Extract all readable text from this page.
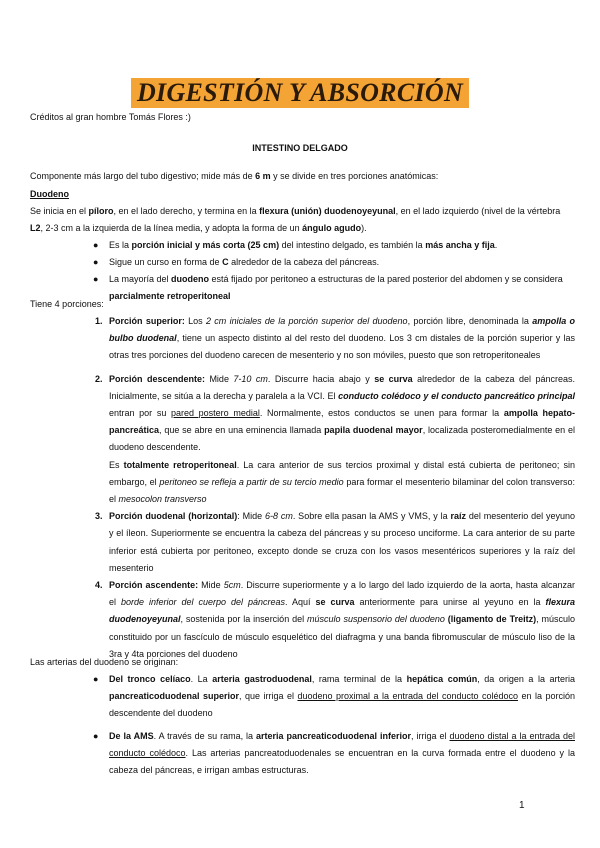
DIGESTIÓN Y ABSORCIÓN
Créditos al gran hombre Tomás Flores :)
INTESTINO DELGADO
Componente más largo del tubo digestivo; mide más de 6 m y se divide en tres porciones anatómicas:
Duodeno
Se inicia en el píloro, en el lado derecho, y termina en la flexura (unión) duodenoyeyunal, en el lado izquierdo (nivel de la vértebra L2, 2-3 cm a la izquierda de la línea media, y adopta la forma de un ángulo agudo).
● Es la porción inicial y más corta (25 cm) del intestino delgado, es también la más ancha y fija.
● Sigue un curso en forma de C alrededor de la cabeza del páncreas.
● La mayoría del duodeno está fijado por peritoneo a estructuras de la pared posterior del abdomen y se considera parcialmente retroperitoneal
Tiene 4 porciones:
1. Porción superior: Los 2 cm iniciales de la porción superior del duodeno, porción libre, denominada la ampolla o bulbo duodenal, tiene un aspecto distinto al del resto del duodeno. Los 3 cm distales de la porción superior y las otras tres porciones del duodeno carecen de mesenterio y no son móviles, puesto que son retroperitoneales
2. Porción descendente: Mide 7-10 cm. Discurre hacia abajo y se curva alrededor de la cabeza del páncreas. Inicialmente, se sitúa a la derecha y paralela a la VCI. El conducto colédoco y el conducto pancreático principal entran por su pared postero medial. Normalmente, estos conductos se unen para formar la ampolla hepato-pancreática, que se abre en una eminencia llamada papila duodenal mayor, localizada posteromedialmente en el duodeno descendente.
Es totalmente retroperitoneal. La cara anterior de sus tercios proximal y distal está cubierta de peritoneo; sin embargo, el peritoneo se refleja a partir de su tercio medio para formar el mesenterio bilaminar del colon transverso: el mesocolon transverso
3. Porción duodenal (horizontal): Mide 6-8 cm. Sobre ella pasan la AMS y VMS, y la raíz del mesenterio del yeyuno y el íleon. Superiormente se encuentra la cabeza del páncreas y su proceso unciforme. La cara anterior de su parte inferior está cubierta por peritoneo, excepto donde se cruza con los vasos mesentéricos superiores y la raíz del mesenterio
4. Porción ascendente: Mide 5cm. Discurre superiormente y a lo largo del lado izquierdo de la aorta, hasta alcanzar el borde inferior del cuerpo del páncreas. Aquí se curva anteriormente para unirse al yeyuno en la flexura duodenoyeyunal, sostenida por la inserción del músculo suspensorio del duodeno (ligamento de Treitz), músculo constituido por un fascículo de músculo esquelético del diafragma y una banda fibromuscular de músculo liso de la 3ra y 4ta porciones del duodeno
Las arterias del duodeno se originan:
● Del tronco celíaco. La arteria gastroduodenal, rama terminal de la hepática común, da origen a la arteria pancreaticoduodenal superior, que irriga el duodeno proximal a la entrada del conducto colédoco en la porción descendente del duodeno
● De la AMS. A través de su rama, la arteria pancreaticoduodenal inferior, irriga el duodeno distal a la entrada del conducto colédoco. Las arterias pancreatoduodenales se encuentran en la curva formada entre el duodeno y la cabeza del páncreas, e irrigan ambas estructuras.
1
